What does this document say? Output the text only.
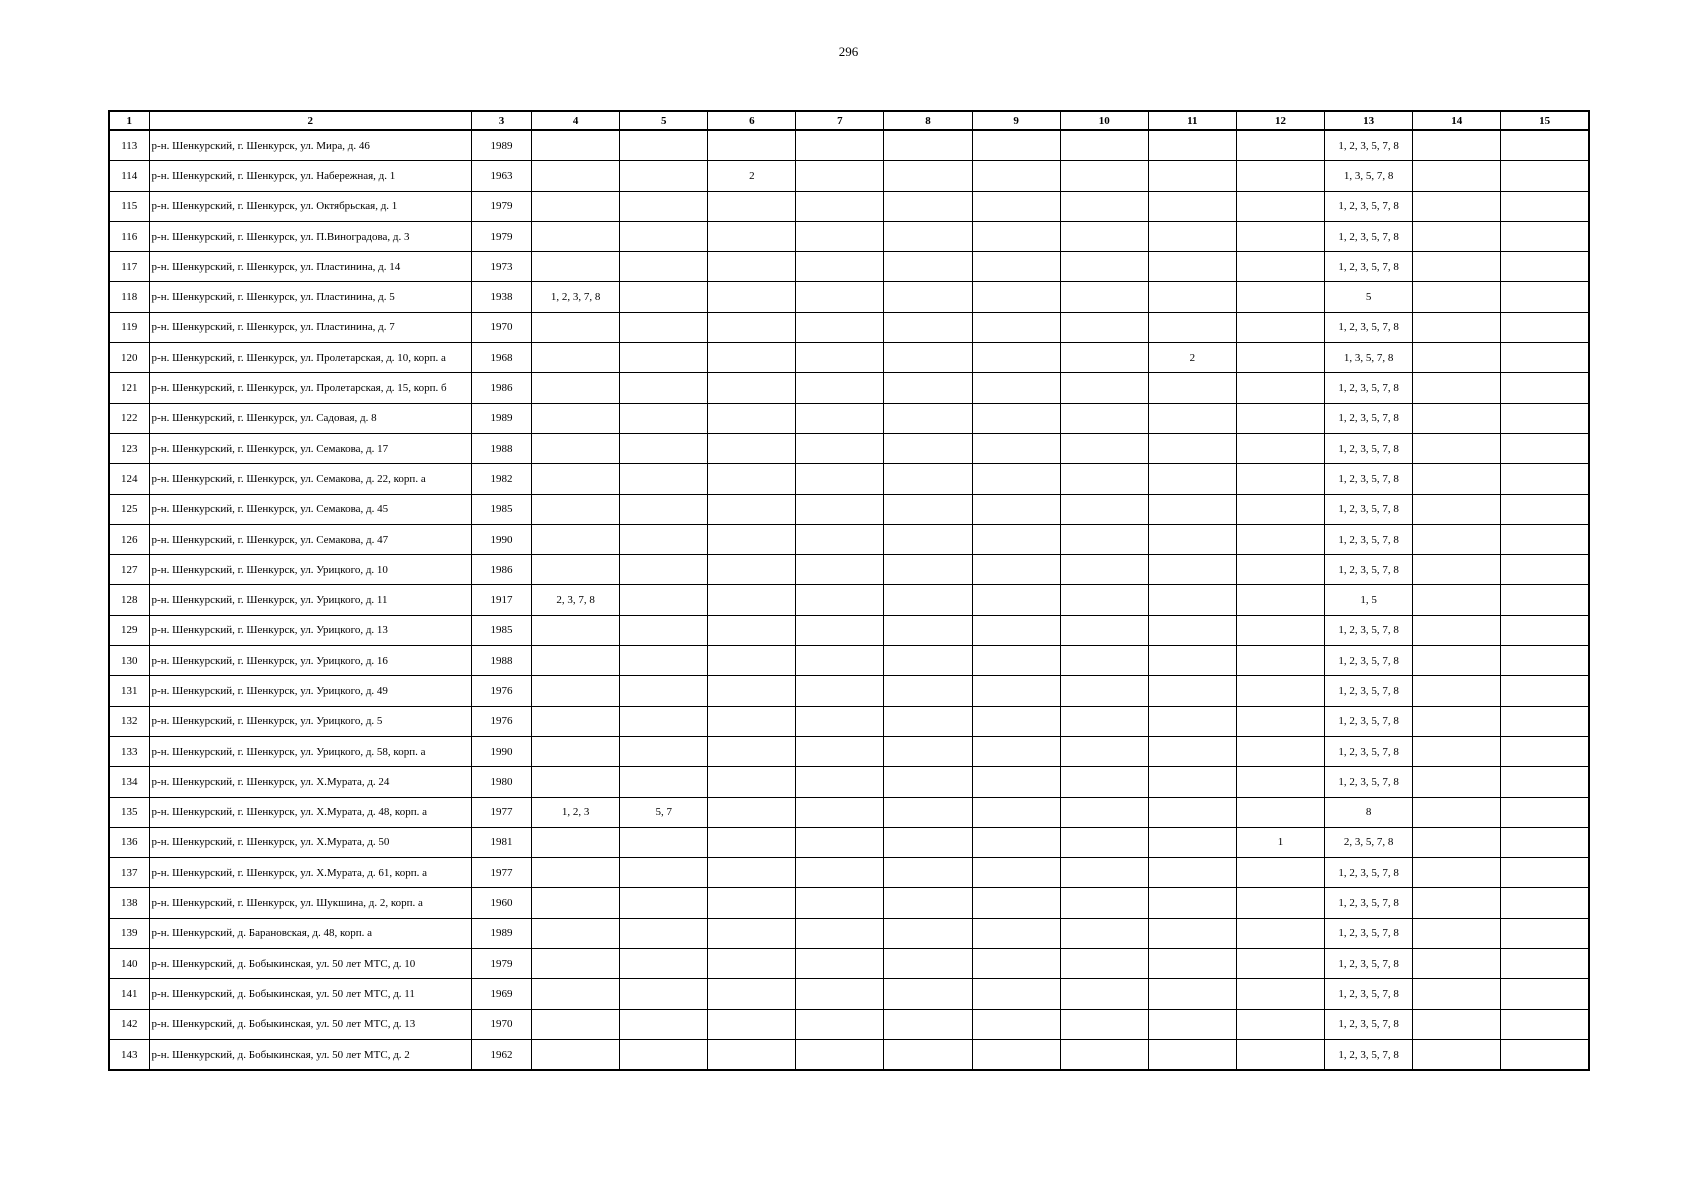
296
1	2	3	4	5	6	7	8	9	10	11	12	13	14	15
113	р-н. Шенкурский, г. Шенкурск, ул. Мира, д. 46	1989										1, 2, 3, 5, 7, 8		
114	р-н. Шенкурский, г. Шенкурск, ул. Набережная, д. 1	1963			2							1, 3, 5, 7, 8		
115	р-н. Шенкурский, г. Шенкурск, ул. Октябрьская, д. 1	1979										1, 2, 3, 5, 7, 8		
116	р-н. Шенкурский, г. Шенкурск, ул. П.Виноградова, д. 3	1979										1, 2, 3, 5, 7, 8		
117	р-н. Шенкурский, г. Шенкурск, ул. Пластинина, д. 14	1973										1, 2, 3, 5, 7, 8		
118	р-н. Шенкурский, г. Шенкурск, ул. Пластинина, д. 5	1938	1, 2, 3, 7, 8									5		
119	р-н. Шенкурский, г. Шенкурск, ул. Пластинина, д. 7	1970										1, 2, 3, 5, 7, 8		
120	р-н. Шенкурский, г. Шенкурск, ул. Пролетарская, д. 10, корп. а	1968								2		1, 3, 5, 7, 8		
121	р-н. Шенкурский, г. Шенкурск, ул. Пролетарская, д. 15, корп. б	1986										1, 2, 3, 5, 7, 8		
122	р-н. Шенкурский, г. Шенкурск, ул. Садовая, д. 8	1989										1, 2, 3, 5, 7, 8		
123	р-н. Шенкурский, г. Шенкурск, ул. Семакова, д. 17	1988										1, 2, 3, 5, 7, 8		
124	р-н. Шенкурский, г. Шенкурск, ул. Семакова, д. 22, корп. а	1982										1, 2, 3, 5, 7, 8		
125	р-н. Шенкурский, г. Шенкурск, ул. Семакова, д. 45	1985										1, 2, 3, 5, 7, 8		
126	р-н. Шенкурский, г. Шенкурск, ул. Семакова, д. 47	1990										1, 2, 3, 5, 7, 8		
127	р-н. Шенкурский, г. Шенкурск, ул. Урицкого, д. 10	1986										1, 2, 3, 5, 7, 8		
128	р-н. Шенкурский, г. Шенкурск, ул. Урицкого, д. 11	1917	2, 3, 7, 8									1, 5		
129	р-н. Шенкурский, г. Шенкурск, ул. Урицкого, д. 13	1985										1, 2, 3, 5, 7, 8		
130	р-н. Шенкурский, г. Шенкурск, ул. Урицкого, д. 16	1988										1, 2, 3, 5, 7, 8		
131	р-н. Шенкурский, г. Шенкурск, ул. Урицкого, д. 49	1976										1, 2, 3, 5, 7, 8		
132	р-н. Шенкурский, г. Шенкурск, ул. Урицкого, д. 5	1976										1, 2, 3, 5, 7, 8		
133	р-н. Шенкурский, г. Шенкурск, ул. Урицкого, д. 58, корп. а	1990										1, 2, 3, 5, 7, 8		
134	р-н. Шенкурский, г. Шенкурск, ул. Х.Мурата, д. 24	1980										1, 2, 3, 5, 7, 8		
135	р-н. Шенкурский, г. Шенкурск, ул. Х.Мурата, д. 48, корп. а	1977	1, 2, 3	5, 7								8		
136	р-н. Шенкурский, г. Шенкурск, ул. Х.Мурата, д. 50	1981									1	2, 3, 5, 7, 8		
137	р-н. Шенкурский, г. Шенкурск, ул. Х.Мурата, д. 61, корп. а	1977										1, 2, 3, 5, 7, 8		
138	р-н. Шенкурский, г. Шенкурск, ул. Шукшина, д. 2, корп. а	1960										1, 2, 3, 5, 7, 8		
139	р-н. Шенкурский, д. Барановская, д. 48, корп. а	1989										1, 2, 3, 5, 7, 8		
140	р-н. Шенкурский, д. Бобыкинская, ул. 50 лет МТС, д. 10	1979										1, 2, 3, 5, 7, 8		
141	р-н. Шенкурский, д. Бобыкинская, ул. 50 лет МТС, д. 11	1969										1, 2, 3, 5, 7, 8		
142	р-н. Шенкурский, д. Бобыкинская, ул. 50 лет МТС, д. 13	1970										1, 2, 3, 5, 7, 8		
143	р-н. Шенкурский, д. Бобыкинская, ул. 50 лет МТС, д. 2	1962										1, 2, 3, 5, 7, 8		
